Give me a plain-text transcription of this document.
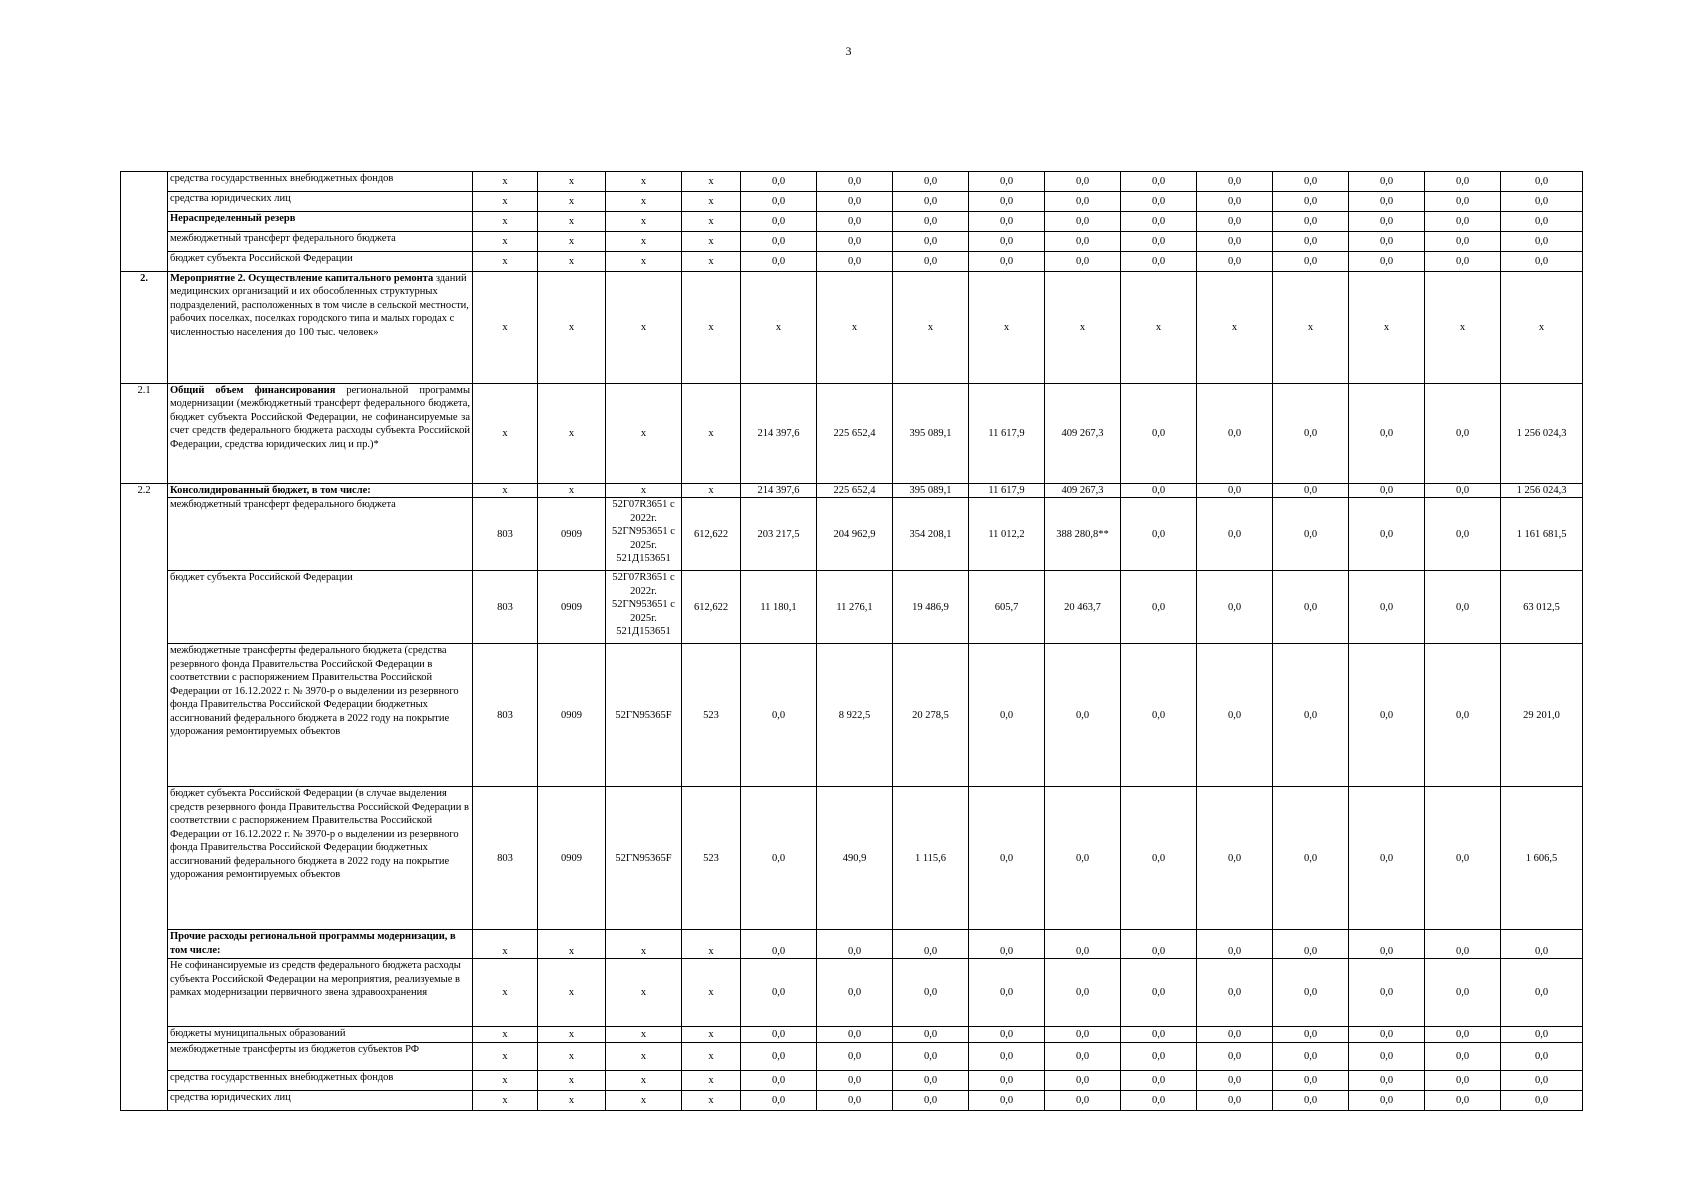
3
	средства государственных внебюджетных фондов	х	х	х	х	0,0	0,0	0,0	0,0	0,0	0,0	0,0	0,0	0,0	0,0	0,0
	средства юридических лиц	х	х	х	х	0,0	0,0	0,0	0,0	0,0	0,0	0,0	0,0	0,0	0,0	0,0
	Нераспределенный резерв	х	х	х	х	0,0	0,0	0,0	0,0	0,0	0,0	0,0	0,0	0,0	0,0	0,0
	межбюджетный трансферт федерального бюджета	х	х	х	х	0,0	0,0	0,0	0,0	0,0	0,0	0,0	0,0	0,0	0,0	0,0
	бюджет субъекта Российской Федерации	х	х	х	х	0,0	0,0	0,0	0,0	0,0	0,0	0,0	0,0	0,0	0,0	0,0
2.	Мероприятие 2. Осуществление капитального ремонта зданий медицинских организаций и их обособленных структурных подразделений, расположенных в том числе в сельской местности, рабочих поселках, поселках городского типа и малых городах с численностью населения до 100 тыс. человек»	х	х	х	х	х	х	х	х	х	х	х	х	х	х	х
2.1	Общий объем финансирования региональной программы модернизации (межбюджетный трансферт федерального бюджета, бюджет субъекта Российской Федерации, не софинансируемые за счет средств федерального бюджета расходы субъекта Российской Федерации, средства юридических лиц и пр.)*	х	х	х	х	214 397,6	225 652,4	395 089,1	11 617,9	409 267,3	0,0	0,0	0,0	0,0	0,0	1 256 024,3
2.2	Консолидированный бюджет, в том числе:	х	х	х	х	214 397,6	225 652,4	395 089,1	11 617,9	409 267,3	0,0	0,0	0,0	0,0	0,0	1 256 024,3
	межбюджетный трансферт федерального бюджета	803	0909	52Г07R3651 с 2022г. 52ГN953651 с 2025г. 521Д153651	612,622	203 217,5	204 962,9	354 208,1	11 012,2	388 280,8**	0,0	0,0	0,0	0,0	0,0	1 161 681,5
	бюджет субъекта Российской Федерации	803	0909	52Г07R3651 с 2022г. 52ГN953651 с 2025г. 521Д153651	612,622	11 180,1	11 276,1	19 486,9	605,7	20 463,7	0,0	0,0	0,0	0,0	0,0	63 012,5
	межбюджетные трансферты федерального бюджета (средства резервного фонда Правительства Российской Федерации в соответствии с распоряжением Правительства Российской Федерации от 16.12.2022 г. № 3970-р о выделении из резервного фонда Правительства Российской Федерации бюджетных ассигнований федерального бюджета в 2022 году на покрытие удорожания ремонтируемых объектов	803	0909	52ГN95365F	523	0,0	8 922,5	20 278,5	0,0	0,0	0,0	0,0	0,0	0,0	0,0	29 201,0
	бюджет субъекта Российской Федерации (в случае выделения средств резервного фонда Правительства Российской Федерации в соответствии с распоряжением Правительства Российской Федерации от 16.12.2022 г. № 3970-р о выделении из резервного фонда Правительства Российской Федерации бюджетных ассигнований федерального бюджета в 2022 году на покрытие удорожания ремонтируемых объектов	803	0909	52ГN95365F	523	0,0	490,9	1 115,6	0,0	0,0	0,0	0,0	0,0	0,0	0,0	1 606,5
	Прочие расходы региональной программы модернизации, в том числе:	х	х	х	х	0,0	0,0	0,0	0,0	0,0	0,0	0,0	0,0	0,0	0,0	0,0
	Не софинансируемые из средств федерального бюджета расходы субъекта Российской Федерации на мероприятия, реализуемые в рамках модернизации первичного звена здравоохранения	х	х	х	х	0,0	0,0	0,0	0,0	0,0	0,0	0,0	0,0	0,0	0,0	0,0
	бюджеты муниципальных образований	х	х	х	х	0,0	0,0	0,0	0,0	0,0	0,0	0,0	0,0	0,0	0,0	0,0
	межбюджетные трансферты из бюджетов субъектов РФ	х	х	х	х	0,0	0,0	0,0	0,0	0,0	0,0	0,0	0,0	0,0	0,0	0,0
	средства государственных внебюджетных фондов	х	х	х	х	0,0	0,0	0,0	0,0	0,0	0,0	0,0	0,0	0,0	0,0	0,0
	средства юридических лиц	х	х	х	х	0,0	0,0	0,0	0,0	0,0	0,0	0,0	0,0	0,0	0,0	0,0
